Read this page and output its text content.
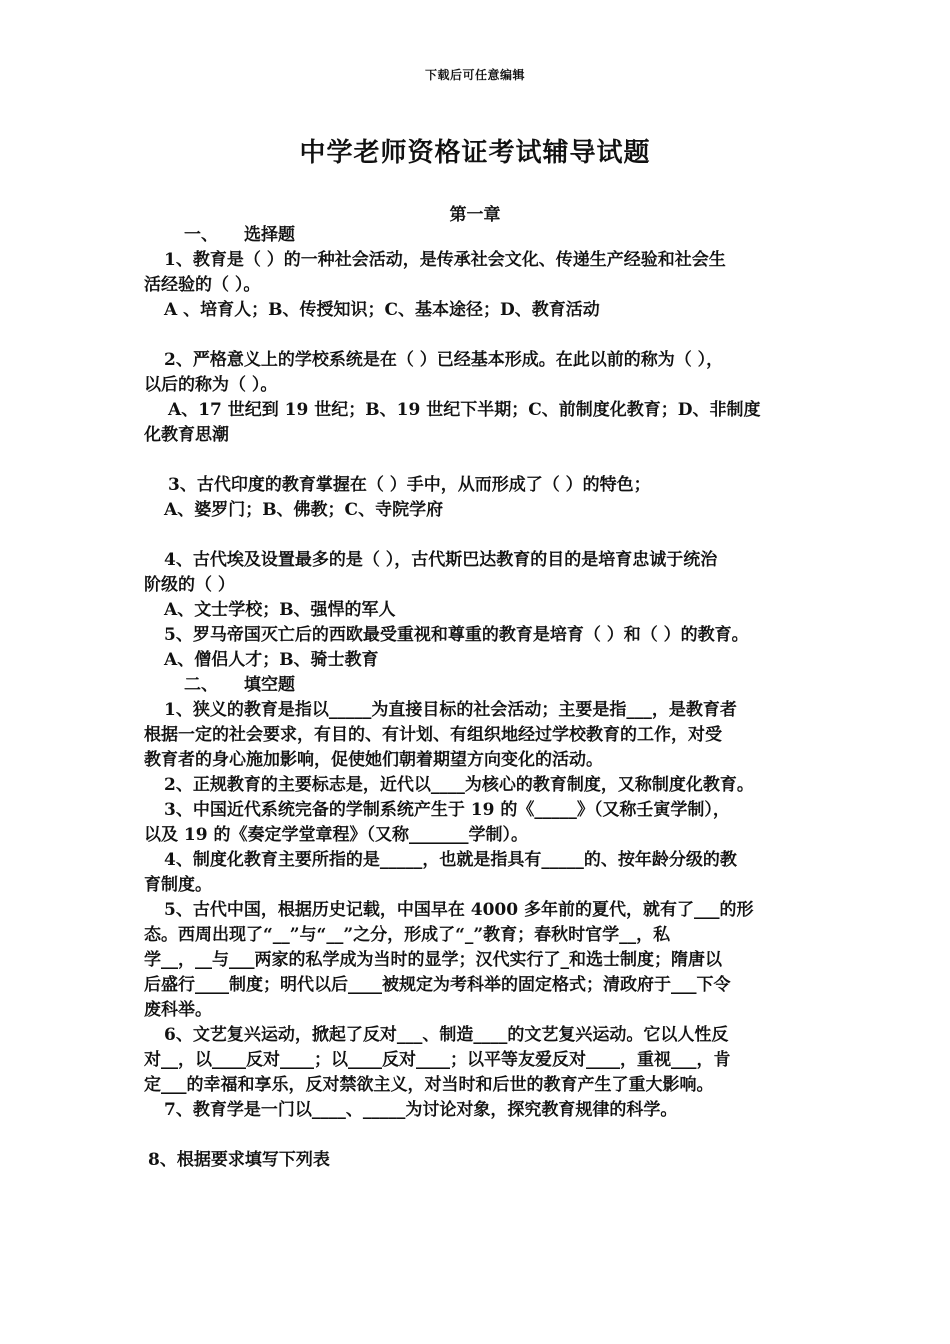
下载后可任意编辑
中学老师资格证考试辅导试题
第一章
一、 选择题
1、教育是（ ）的一种社会活动，是传承社会文化、传递生产经验和社会生
活经验的（ ）。
A 、培育人；B、传授知识；C、基本途径；D、教育活动
2、严格意义上的学校系统是在（ ）已经基本形成。在此以前的称为（ ），
以后的称为（ ）。
A、17 世纪到 19 世纪；B、19 世纪下半期；C、前制度化教育；D、非制度
化教育思潮
3、古代印度的教育掌握在（ ）手中，从而形成了（ ）的特色；
A、婆罗门；B、佛教；C、寺院学府
4、古代埃及设置最多的是（ ），古代斯巴达教育的目的是培育忠诚于统治
阶级的（ ）
A、文士学校；B、强悍的军人
5、罗马帝国灭亡后的西欧最受重视和尊重的教育是培育（ ）和（ ）的教育。
A、僧侣人才；B、骑士教育
二、 填空题
1、狭义的教育是指以_____为直接目标的社会活动；主要是指___，是教育者
根据一定的社会要求，有目的、有计划、有组织地经过学校教育的工作，对受
教育者的身心施加影响，促使她们朝着期望方向变化的活动。
2、正规教育的主要标志是，近代以____为核心的教育制度，又称制度化教育。
3、中国近代系统完备的学制系统产生于 19 的《_____》（又称壬寅学制），
以及 19 的《奏定学堂章程》（又称_______学制）。
4、制度化教育主要所指的是_____，也就是指具有_____的、按年龄分级的教
育制度。
5、古代中国，根据历史记载，中国早在 4000 多年前的夏代，就有了___的形
态。西周出现了“__”与“__”之分，形成了“_”教育；春秋时官学__，私
学__，__与___两家的私学成为当时的显学；汉代实行了_和选士制度；隋唐以
后盛行____制度；明代以后____被规定为考科举的固定格式；清政府于___下令
废科举。
6、文艺复兴运动，掀起了反对___、制造____的文艺复兴运动。它以人性反
对__，以____反对____；以____反对____；以平等友爱反对____，重视___，肯
定___的幸福和享乐，反对禁欲主义，对当时和后世的教育产生了重大影响。
7、教育学是一门以____、_____为讨论对象，探究教育规律的科学。
8、根据要求填写下列表
